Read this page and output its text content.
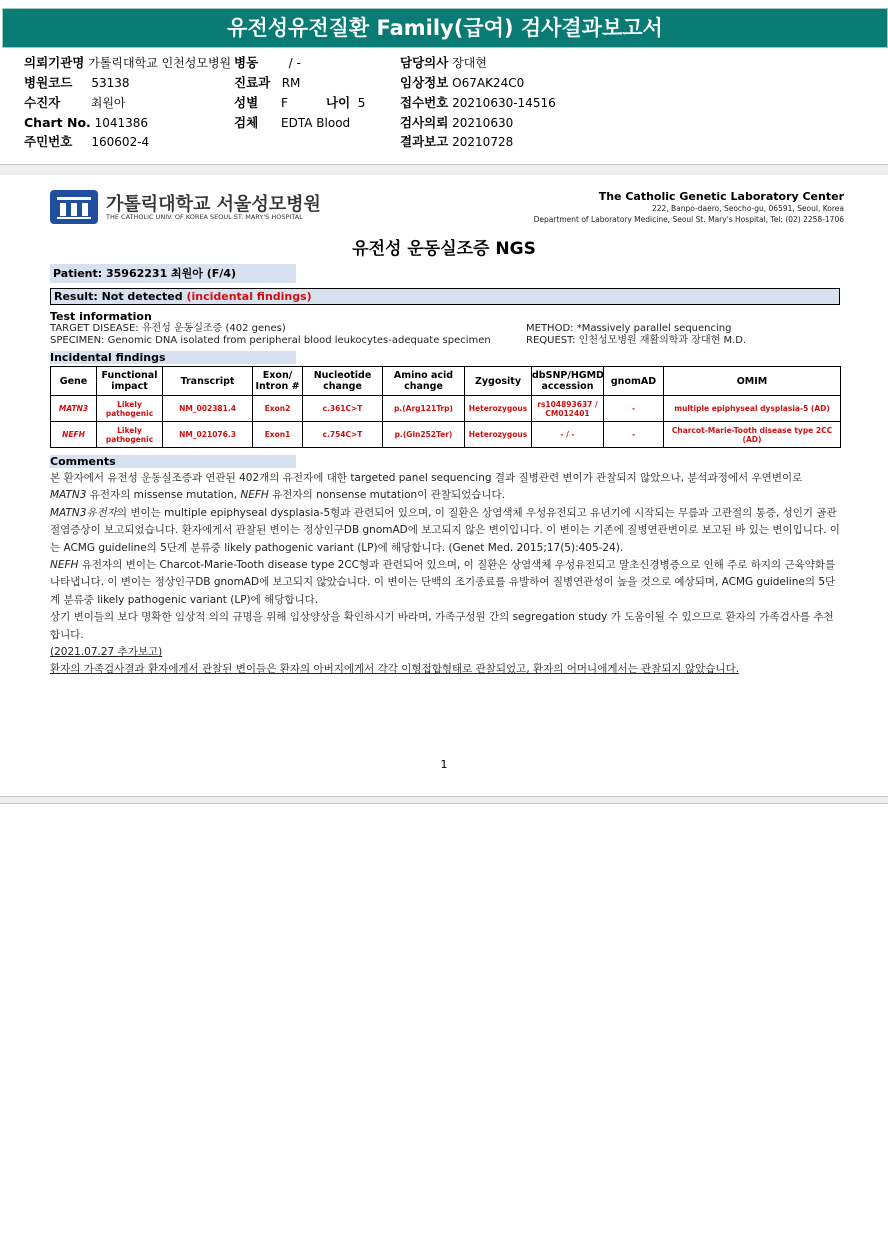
유전성유전질환 Family(급여) 검사결과보고서
의뢰기관명 가톨릭대학교 인천성모병원 병동	/ -	담당의사 장대현
병원코드 53138	진료과 RM	임상정보 O67AK24C0
수진자	최원아	성별 F	나이 5	접수번호 20210630-14516
Chart No. 1041386	검체 EDTA Blood	검사의뢰 20210630
주민번호 160602-4	결과보고 20210728
가톨릭대학교 서울성모병원
THE CATHOLIC UNIV. OF KOREA SEOUL ST. MARY'S HOSPITAL
The Catholic Genetic Laboratory Center
222, Banpo-daero, Seocho-gu, 06591, Seoul, Korea
Department of Laboratory Medicine, Seoul St. Mary's Hospital, Tel: (02) 2258-1706
유전성 운동실조증 NGS
Patient: 35962231 최원아 (F/4)
Result: Not detected (incidental findings)
Test information
TARGET DISEASE: 유전성 운동실조증 (402 genes)
SPECIMEN: Genomic DNA isolated from peripheral blood leukocytes-adequate specimen
METHOD: *Massively parallel sequencing
REQUEST: 인천성모병원 재활의학과 장대현 M.D.
Incidental findings
Gene	Functional impact	Transcript	Exon/ Intron #	Nucleotide change	Amino acid change	Zygosity	dbSNP/HGMD accession	gnomAD	OMIM
MATN3	Likely pathogenic	NM_002381.4	Exon2	c.361C>T	p.(Arg121Trp)	Heterozygous	rs104893637 / CM012401	-	multiple epiphyseal dysplasia-5 (AD)
NEFH	Likely pathogenic	NM_021076.3	Exon1	c.754C>T	p.(Gln252Ter)	Heterozygous	- / -	-	Charcot-Marie-Tooth disease type 2CC (AD)
Comments

본 환자에서 유전성 운동실조증과 연관된 402개의 유전자에 대한 targeted panel sequencing 결과 질병관련 변이가 관찰되지 않았으나, 분석과정에서 우연변이로 MATN3 유전자의 missense mutation, NEFH 유전자의 nonsense mutation이 관찰되었습니다.

MATN3유전자의 변이는 multiple epiphyseal dysplasia-5형과 관련되어 있으며, 이 질환은 상염색체 우성유전되고 유년기에 시작되는 무릎과 고관절의 통증, 성인기 골관절염증상이 보고되었습니다. 환자에게서 관찰된 변이는 정상인구DB gnomAD에 보고되지 않은 변이입니다. 이 변이는 기존에 질병연관변이로 보고된 바 있는 변이입니다. 이는 ACMG guideline의 5단계 분류중 likely pathogenic variant (LP)에 해당합니다. (Genet Med. 2015;17(5):405-24).

NEFH 유전자의 변이는 Charcot-Marie-Tooth disease type 2CC형과 관련되어 있으며, 이 질환은 상염색체 우성유전되고 말초신경병증으로 인해 주로 하지의 근육약화를 나타냅니다. 이 변이는 정상인구DB gnomAD에 보고되지 않았습니다. 이 변이는 단백의 조기종료를 유발하여 질병연관성이 높을 것으로 예상되며, ACMG guideline의 5단계 분류중 likely pathogenic variant (LP)에 해당합니다.

상기 변이들의 보다 명확한 임상적 의의 규명을 위해 임상양상을 확인하시기 바라며, 가족구성원 간의 segregation study 가 도움이될 수 있으므로 환자의 가족검사를 추천합니다.

(2021.07.27 추가보고)

환자의 가족검사결과 환자에게서 관찰된 변이들은 환자의 아버지에게서 각각 이형접합형태로 관찰되었고, 환자의 어머니에게서는 관찰되지 않았습니다.

1
